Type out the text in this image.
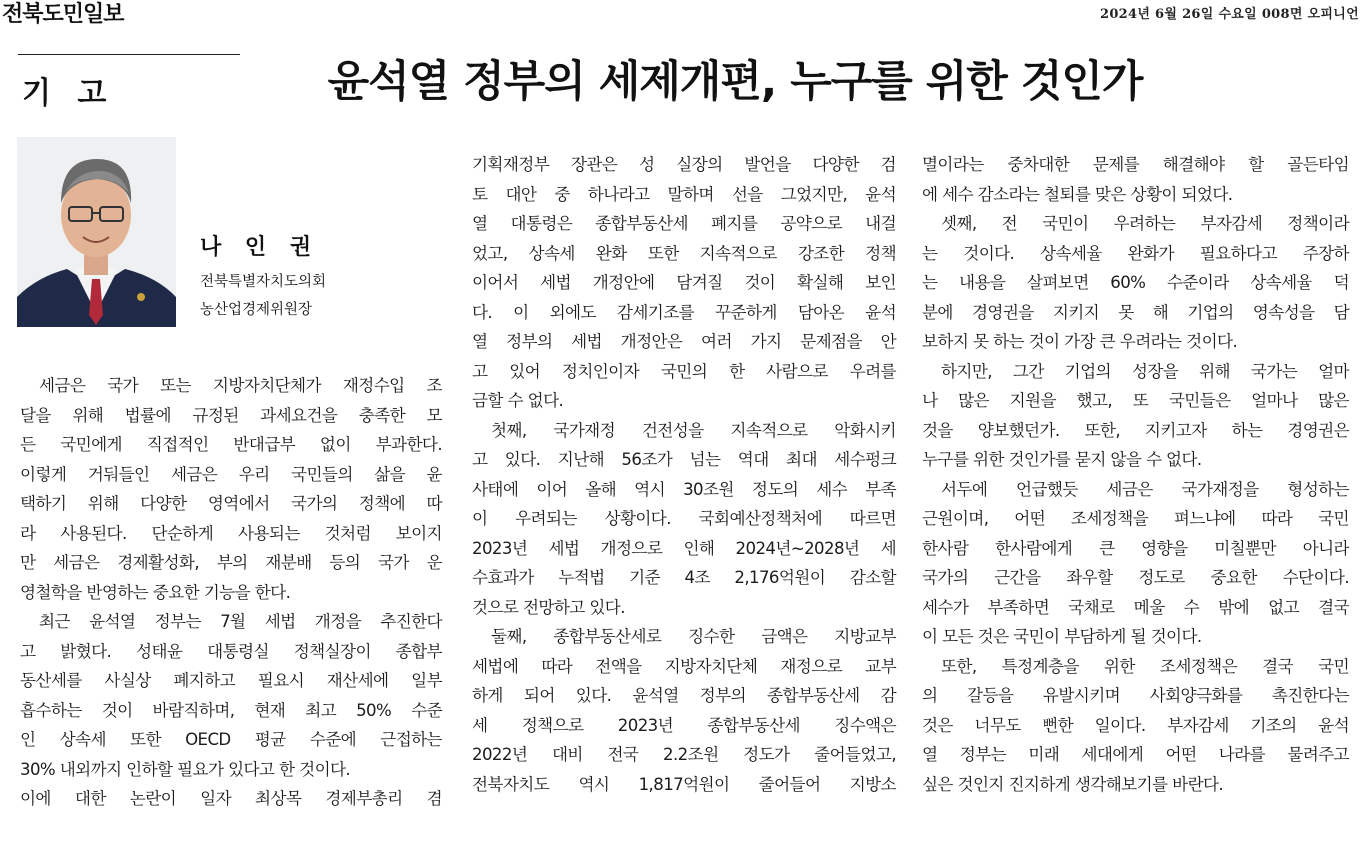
전북도민일보	2024년 6월 26일 수요일 008면 오피니언
기 고	윤석열 정부의 세제개편, 누구를 위한 것인가
나 인 권
전북특별자치도의회
농산업경제위원장
세금은 국가 또는 지방자치단체가 재정수입 조
달을 위해 법률에 규정된 과세요건을 충족한 모
든 국민에게 직접적인 반대급부 없이 부과한다.
이렇게 거둬들인 세금은 우리 국민들의 삶을 윤
택하기 위해 다양한 영역에서 국가의 정책에 따
라 사용된다. 단순하게 사용되는 것처럼 보이지
만 세금은 경제활성화, 부의 재분배 등의 국가 운
영철학을 반영하는 중요한 기능을 한다.
최근 윤석열 정부는 7월 세법 개정을 추진한다
고 밝혔다. 성태윤 대통령실 정책실장이 종합부
동산세를 사실상 폐지하고 필요시 재산세에 일부
흡수하는 것이 바람직하며, 현재 최고 50% 수준
인 상속세 또한 OECD 평균 수준에 근접하는
30% 내외까지 인하할 필요가 있다고 한 것이다.
이에 대한 논란이 일자 최상목 경제부총리 겸
기획재정부 장관은 성 실장의 발언을 다양한 검
토 대안 중 하나라고 말하며 선을 그었지만, 윤석
열 대통령은 종합부동산세 폐지를 공약으로 내걸
었고, 상속세 완화 또한 지속적으로 강조한 정책
이어서 세법 개정안에 담겨질 것이 확실해 보인
다. 이 외에도 감세기조를 꾸준하게 담아온 윤석
열 정부의 세법 개정안은 여러 가지 문제점을 안
고 있어 정치인이자 국민의 한 사람으로 우려를
금할 수 없다.
첫째, 국가재정 건전성을 지속적으로 악화시키
고 있다. 지난해 56조가 넘는 역대 최대 세수펑크
사태에 이어 올해 역시 30조원 정도의 세수 부족
이 우려되는 상황이다. 국회예산정책처에 따르면
2023년 세법 개정으로 인해 2024년~2028년 세
수효과가 누적법 기준 4조 2,176억원이 감소할
것으로 전망하고 있다.
둘째, 종합부동산세로 징수한 금액은 지방교부
세법에 따라 전액을 지방자치단체 재정으로 교부
하게 되어 있다. 윤석열 정부의 종합부동산세 감
세 정책으로 2023년 종합부동산세 징수액은
2022년 대비 전국 2.2조원 정도가 줄어들었고,
전북자치도 역시 1,817억원이 줄어들어 지방소
멸이라는 중차대한 문제를 해결해야 할 골든타임
에 세수 감소라는 철퇴를 맞은 상황이 되었다.
셋째, 전 국민이 우려하는 부자감세 정책이라
는 것이다. 상속세율 완화가 필요하다고 주장하
는 내용을 살펴보면 60% 수준이라 상속세율 덕
분에 경영권을 지키지 못 해 기업의 영속성을 담
보하지 못 하는 것이 가장 큰 우려라는 것이다.
하지만, 그간 기업의 성장을 위해 국가는 얼마
나 많은 지원을 했고, 또 국민들은 얼마나 많은
것을 양보했던가. 또한, 지키고자 하는 경영권은
누구를 위한 것인가를 묻지 않을 수 없다.
서두에 언급했듯 세금은 국가재정을 형성하는
근원이며, 어떤 조세정책을 펴느냐에 따라 국민
한사람 한사람에게 큰 영향을 미칠뿐만 아니라
국가의 근간을 좌우할 정도로 중요한 수단이다.
세수가 부족하면 국채로 메울 수 밖에 없고 결국
이 모든 것은 국민이 부담하게 될 것이다.
또한, 특정계층을 위한 조세정책은 결국 국민
의 갈등을 유발시키며 사회양극화를 촉진한다는
것은 너무도 뻔한 일이다. 부자감세 기조의 윤석
열 정부는 미래 세대에게 어떤 나라를 물려주고
싶은 것인지 진지하게 생각해보기를 바란다.
